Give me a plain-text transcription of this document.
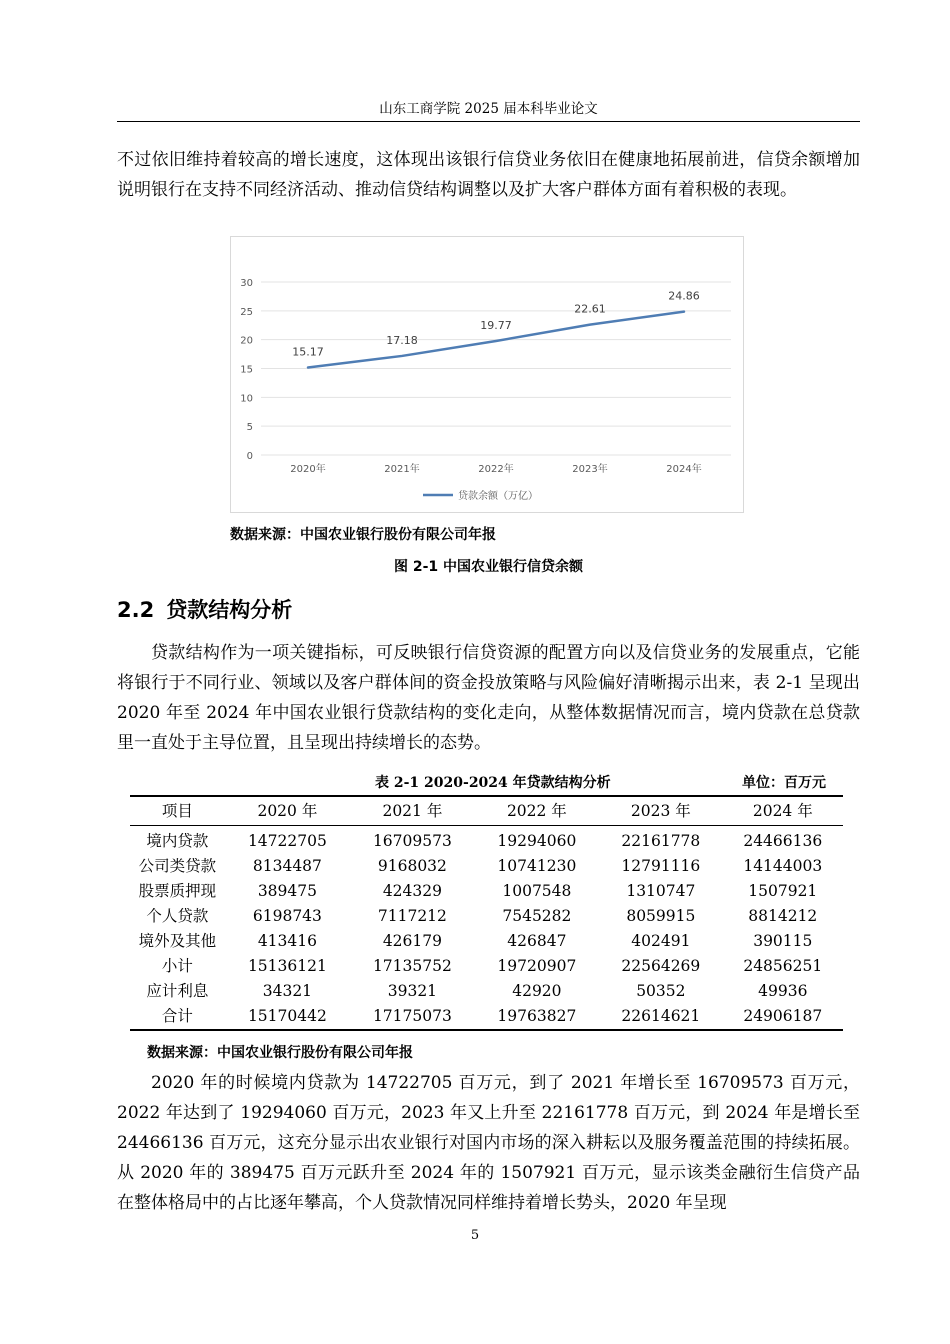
山东工商学院 2025 届本科毕业论文

不过依旧维持着较高的增长速度，这体现出该银行信贷业务依旧在健康地拓展前进，信贷余额增加说明银行在支持不同经济活动、推动信贷结构调整以及扩大客户群体方面有着积极的表现。

0
5
10
15
20
25
30
2020年	2021年	2022年	2023年	2024年
15.17
17.18
19.77
22.61
24.86
贷款余额（万亿）
数据来源：中国农业银行股份有限公司年报
图 2-1 中国农业银行信贷余额
2.2 贷款结构分析

贷款结构作为一项关键指标，可反映银行信贷资源的配置方向以及信贷业务的发展重点，它能将银行于不同行业、领域以及客户群体间的资金投放策略与风险偏好清晰揭示出来，表 2-1 呈现出 2020 年至 2024 年中国农业银行贷款结构的变化走向，从整体数据情况而言，境内贷款在总贷款里一直处于主导位置，且呈现出持续增长的态势。

表 2-1 2020-2024 年贷款结构分析	单位：百万元
项目	2020 年	2021 年	2022 年	2023 年	2024 年
境内贷款	14722705	16709573	19294060	22161778	24466136
公司类贷款	8134487	9168032	10741230	12791116	14144003
股票质押现	389475	424329	1007548	1310747	1507921
个人贷款	6198743	7117212	7545282	8059915	8814212
境外及其他	413416	426179	426847	402491	390115
小计	15136121	17135752	19720907	22564269	24856251
应计利息	34321	39321	42920	50352	49936
合计	15170442	17175073	19763827	22614621	24906187
数据来源：中国农业银行股份有限公司年报

2020 年的时候境内贷款为 14722705 百万元，到了 2021 年增长至 16709573 百万元，2022 年达到了 19294060 百万元，2023 年又上升至 22161778 百万元，到 2024 年是增长至 24466136 百万元，这充分显示出农业银行对国内市场的深入耕耘以及服务覆盖范围的持续拓展。从 2020 年的 389475 百万元跃升至 2024 年的 1507921 百万元，显示该类金融衍生信贷产品在整体格局中的占比逐年攀高，个人贷款情况同样维持着增长势头，2020 年呈现

5
